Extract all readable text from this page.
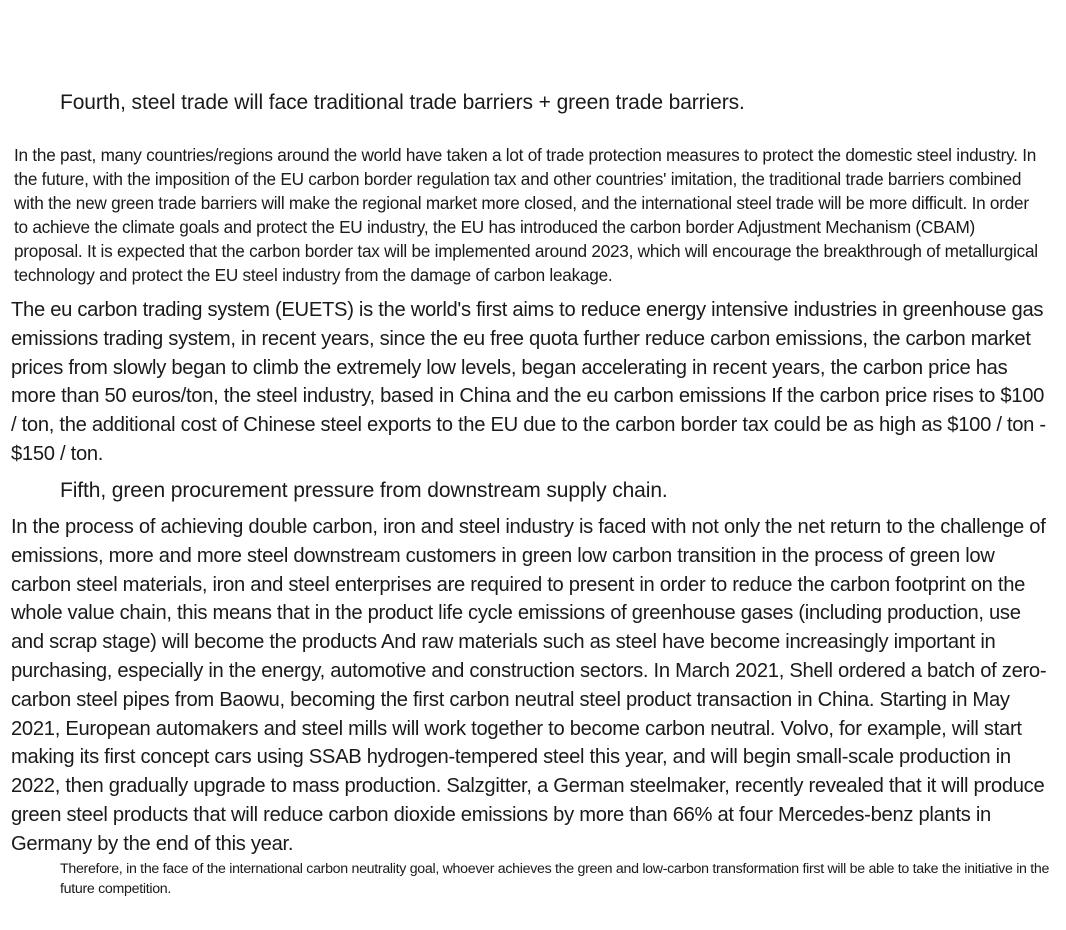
Fourth, steel trade will face traditional trade barriers + green trade barriers.
In the past, many countries/regions around the world have taken a lot of trade protection measures to protect the domestic steel industry. In the future, with the imposition of the EU carbon border regulation tax and other countries' imitation, the traditional trade barriers combined with the new green trade barriers will make the regional market more closed, and the international steel trade will be more difficult. In order to achieve the climate goals and protect the EU industry, the EU has introduced the carbon border Adjustment Mechanism (CBAM) proposal. It is expected that the carbon border tax will be implemented around 2023, which will encourage the breakthrough of metallurgical technology and protect the EU steel industry from the damage of carbon leakage.
The eu carbon trading system (EUETS) is the world's first aims to reduce energy intensive industries in greenhouse gas emissions trading system, in recent years, since the eu free quota further reduce carbon emissions, the carbon market prices from slowly began to climb the extremely low levels, began accelerating in recent years, the carbon price has more than 50 euros/ton, the steel industry, based in China and the eu carbon emissions If the carbon price rises to $100 / ton, the additional cost of Chinese steel exports to the EU due to the carbon border tax could be as high as $100 / ton - $150 / ton.
Fifth, green procurement pressure from downstream supply chain.
In the process of achieving double carbon, iron and steel industry is faced with not only the net return to the challenge of emissions, more and more steel downstream customers in green low carbon transition in the process of green low carbon steel materials, iron and steel enterprises are required to present in order to reduce the carbon footprint on the whole value chain, this means that in the product life cycle emissions of greenhouse gases (including production, use and scrap stage) will become the products And raw materials such as steel have become increasingly important in purchasing, especially in the energy, automotive and construction sectors. In March 2021, Shell ordered a batch of zero-carbon steel pipes from Baowu, becoming the first carbon neutral steel product transaction in China. Starting in May 2021, European automakers and steel mills will work together to become carbon neutral. Volvo, for example, will start making its first concept cars using SSAB hydrogen-tempered steel this year, and will begin small-scale production in 2022, then gradually upgrade to mass production. Salzgitter, a German steelmaker, recently revealed that it will produce green steel products that will reduce carbon dioxide emissions by more than 66% at four Mercedes-benz plants in Germany by the end of this year.
Therefore, in the face of the international carbon neutrality goal, whoever achieves the green and low-carbon transformation first will be able to take the initiative in the future competition.
